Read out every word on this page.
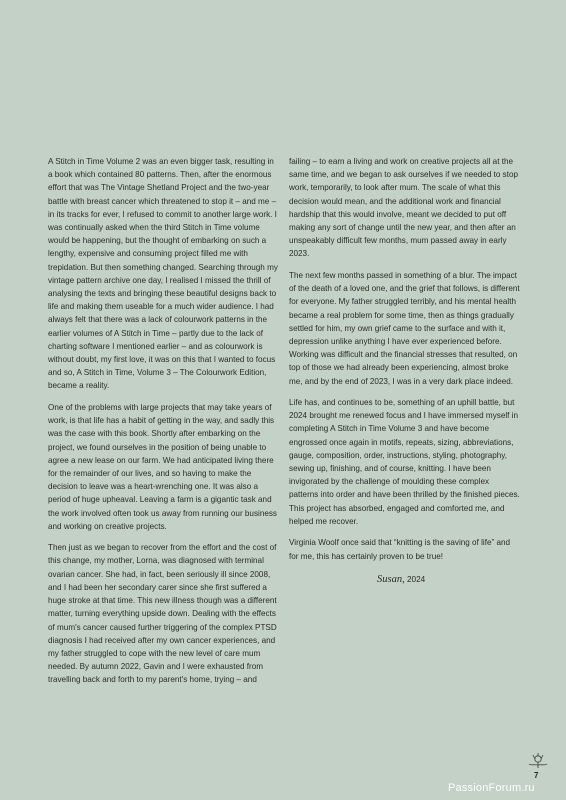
A Stitch in Time Volume 2 was an even bigger task, resulting in a book which contained 80 patterns. Then, after the enormous effort that was The Vintage Shetland Project and the two-year battle with breast cancer which threatened to stop it – and me – in its tracks for ever, I refused to commit to another large work. I was continually asked when the third Stitch in Time volume would be happening, but the thought of embarking on such a lengthy, expensive and consuming project filled me with trepidation. But then something changed. Searching through my vintage pattern archive one day, I realised I missed the thrill of analysing the texts and bringing these beautiful designs back to life and making them useable for a much wider audience. I had always felt that there was a lack of colourwork patterns in the earlier volumes of A Stitch in Time – partly due to the lack of charting software I mentioned earlier – and as colourwork is without doubt, my first love, it was on this that I wanted to focus and so, A Stitch in Time, Volume 3 – The Colourwork Edition, became a reality.

One of the problems with large projects that may take years of work, is that life has a habit of getting in the way, and sadly this was the case with this book. Shortly after embarking on the project, we found ourselves in the position of being unable to agree a new lease on our farm. We had anticipated living there for the remainder of our lives, and so having to make the decision to leave was a heart-wrenching one. It was also a period of huge upheaval. Leaving a farm is a gigantic task and the work involved often took us away from running our business and working on creative projects.

Then just as we began to recover from the effort and the cost of this change, my mother, Lorna, was diagnosed with terminal ovarian cancer. She had, in fact, been seriously ill since 2008, and I had been her secondary carer since she first suffered a huge stroke at that time. This new illness though was a different matter, turning everything upside down. Dealing with the effects of mum's cancer caused further triggering of the complex PTSD diagnosis I had received after my own cancer experiences, and my father struggled to cope with the new level of care mum needed. By autumn 2022, Gavin and I were exhausted from travelling back and forth to my parent's home, trying – and

failing – to earn a living and work on creative projects all at the same time, and we began to ask ourselves if we needed to stop work, temporarily, to look after mum. The scale of what this decision would mean, and the additional work and financial hardship that this would involve, meant we decided to put off making any sort of change until the new year, and then after an unspeakably difficult few months, mum passed away in early 2023.

The next few months passed in something of a blur. The impact of the death of a loved one, and the grief that follows, is different for everyone. My father struggled terribly, and his mental health became a real problem for some time, then as things gradually settled for him, my own grief came to the surface and with it, depression unlike anything I have ever experienced before. Working was difficult and the financial stresses that resulted, on top of those we had already been experiencing, almost broke me, and by the end of 2023, I was in a very dark place indeed.

Life has, and continues to be, something of an uphill battle, but 2024 brought me renewed focus and I have immersed myself in completing A Stitch in Time Volume 3 and have become engrossed once again in motifs, repeats, sizing, abbreviations, gauge, composition, order, instructions, styling, photography, sewing up, finishing, and of course, knitting. I have been invigorated by the challenge of moulding these complex patterns into order and have been thrilled by the finished pieces. This project has absorbed, engaged and comforted me, and helped me recover.

Virginia Woolf once said that “knitting is the saving of life” and for me, this has certainly proven to be true!

Susan, 2024

7
PassionForum.ru
